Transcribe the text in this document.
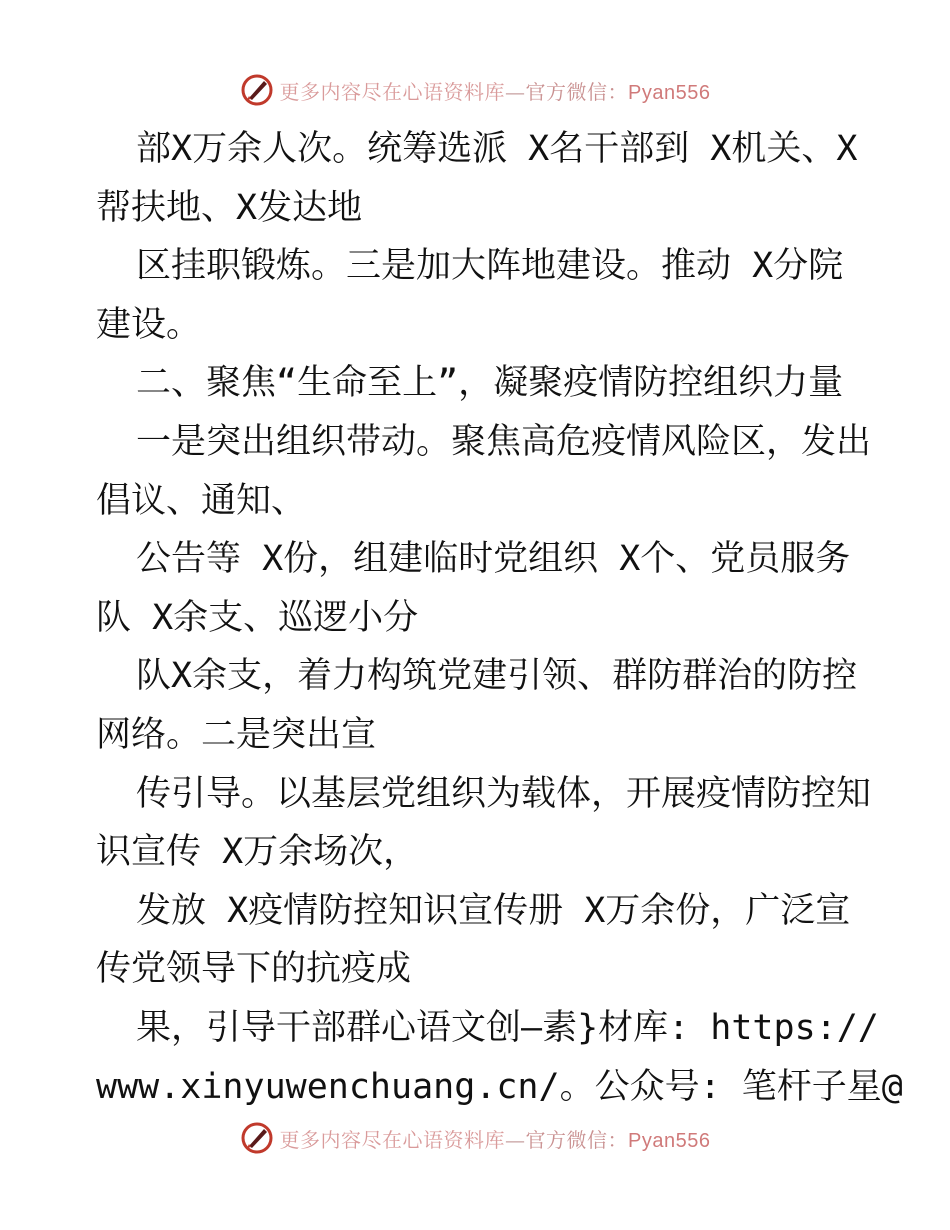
更多内容尽在心语资料库—官方微信：Pyan556
部X万余人次。统筹选派 X名干部到 X机关、X
帮扶地、X发达地
区挂职锻炼。三是加大阵地建设。推动 X分院
建设。
二、聚焦“生命至上”，凝聚疫情防控组织力量
一是突出组织带动。聚焦高危疫情风险区，发出
倡议、通知、
公告等 X份，组建临时党组织 X个、党员服务
队 X余支、巡逻小分
队X余支，着力构筑党建引领、群防群治的防控
网络。二是突出宣
传引导。以基层党组织为载体，开展疫情防控知
识宣传 X万余场次，
发放 X疫情防控知识宣传册 X万余份，广泛宣
传党领导下的抗疫成
果，引导干部群心语文创—素}材库: https://
www.xinyuwenchuang.cn/。公众号: 笔杆子星@
更多内容尽在心语资料库—官方微信：Pyan556
